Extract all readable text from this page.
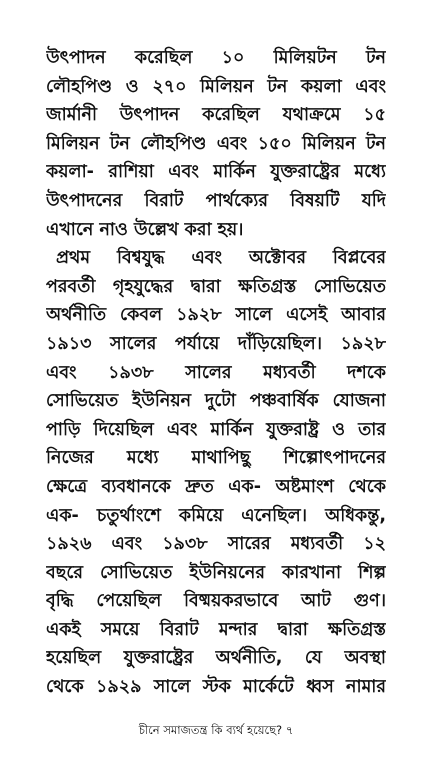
উৎপাদন করেছিল ১০ মিলিয়টন টন
লৌহপিণ্ড ও ২৭০ মিলিয়ন টন কয়লা এবং
জার্মানী উৎপাদন করেছিল যথাক্রমে ১৫
মিলিয়ন টন লৌহপিণ্ড এবং ১৫০ মিলিয়ন টন
কয়লা- রাশিয়া এবং মার্কিন যুক্তরাষ্ট্রের মধ্যে
উৎপাদনের বিরাট পার্থক্যের বিষয়টি যদি
এখানে নাও উল্লেখ করা হয়।
প্রথম বিশ্বযুদ্ধ এবং অক্টোবর বিপ্লবের
পরবর্তী গৃহযুদ্ধের দ্বারা ক্ষতিগ্রস্ত সোভিয়েত
অর্থনীতি কেবল ১৯২৮ সালে এসেই আবার
১৯১৩ সালের পর্যায়ে দাঁড়িয়েছিল। ১৯২৮
এবং ১৯৩৮ সালের মধ্যবর্তী দশকে
সোভিয়েত ইউনিয়ন দুটো পঞ্চবার্ষিক যোজনা
পাড়ি দিয়েছিল এবং মার্কিন যুক্তরাষ্ট্র ও তার
নিজের মধ্যে মাথাপিছু শিল্পোৎপাদনের
ক্ষেত্রে ব্যবধানকে দ্রুত এক- অষ্টমাংশ থেকে
এক- চতুর্থাংশে কমিয়ে এনেছিল। অধিকন্তু,
১৯২৬ এবং ১৯৩৮ সারের মধ্যবর্তী ১২
বছরে সোভিয়েত ইউনিয়নের কারখানা শিল্প
বৃদ্ধি পেয়েছিল বিষ্ময়করভাবে আট গুণ।
একই সময়ে বিরাট মন্দার দ্বারা ক্ষতিগ্রস্ত
হয়েছিল যুক্তরাষ্ট্রের অর্থনীতি, যে অবস্থা
থেকে ১৯২৯ সালে স্টক মার্কেটে ধ্বস নামার
চীনে সমাজতন্ত্র কি ব্যর্থ হয়েছে? ৭
